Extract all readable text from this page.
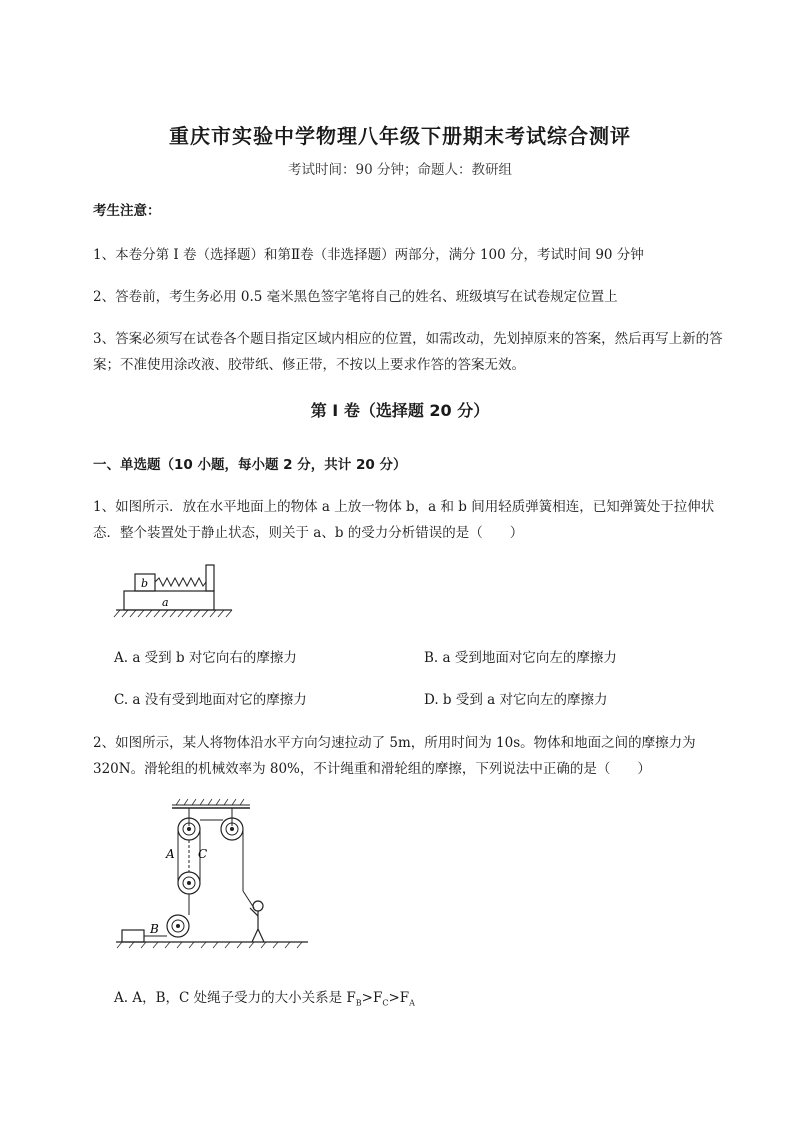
重庆市实验中学物理八年级下册期末考试综合测评
考试时间：90 分钟；命题人：教研组
考生注意：
1、本卷分第 I 卷（选择题）和第Ⅱ卷（非选择题）两部分，满分 100 分，考试时间 90 分钟
2、答卷前，考生务必用 0.5 毫米黑色签字笔将自己的姓名、班级填写在试卷规定位置上
3、答案必须写在试卷各个题目指定区域内相应的位置，如需改动，先划掉原来的答案，然后再写上新的答案；不准使用涂改液、胶带纸、修正带，不按以上要求作答的答案无效。
第 I 卷（选择题 20 分）
一、单选题（10 小题，每小题 2 分，共计 20 分）
1、如图所示．放在水平地面上的物体 a 上放一物体 b，a 和 b 间用轻质弹簧相连，已知弹簧处于拉伸状态．整个装置处于静止状态，则关于 a、b 的受力分析错误的是（　　）
b
a
A. a 受到 b 对它向右的摩擦力	B. a 受到地面对它向左的摩擦力
C. a 没有受到地面对它的摩擦力	D. b 受到 a 对它向左的摩擦力
2、如图所示，某人将物体沿水平方向匀速拉动了 5m，所用时间为 10s。物体和地面之间的摩擦力为 320N。滑轮组的机械效率为 80%，不计绳重和滑轮组的摩擦，下列说法中正确的是（　　）
A C
B
A. A，B，C 处绳子受力的大小关系是 $F_B>F_C>F_A$
